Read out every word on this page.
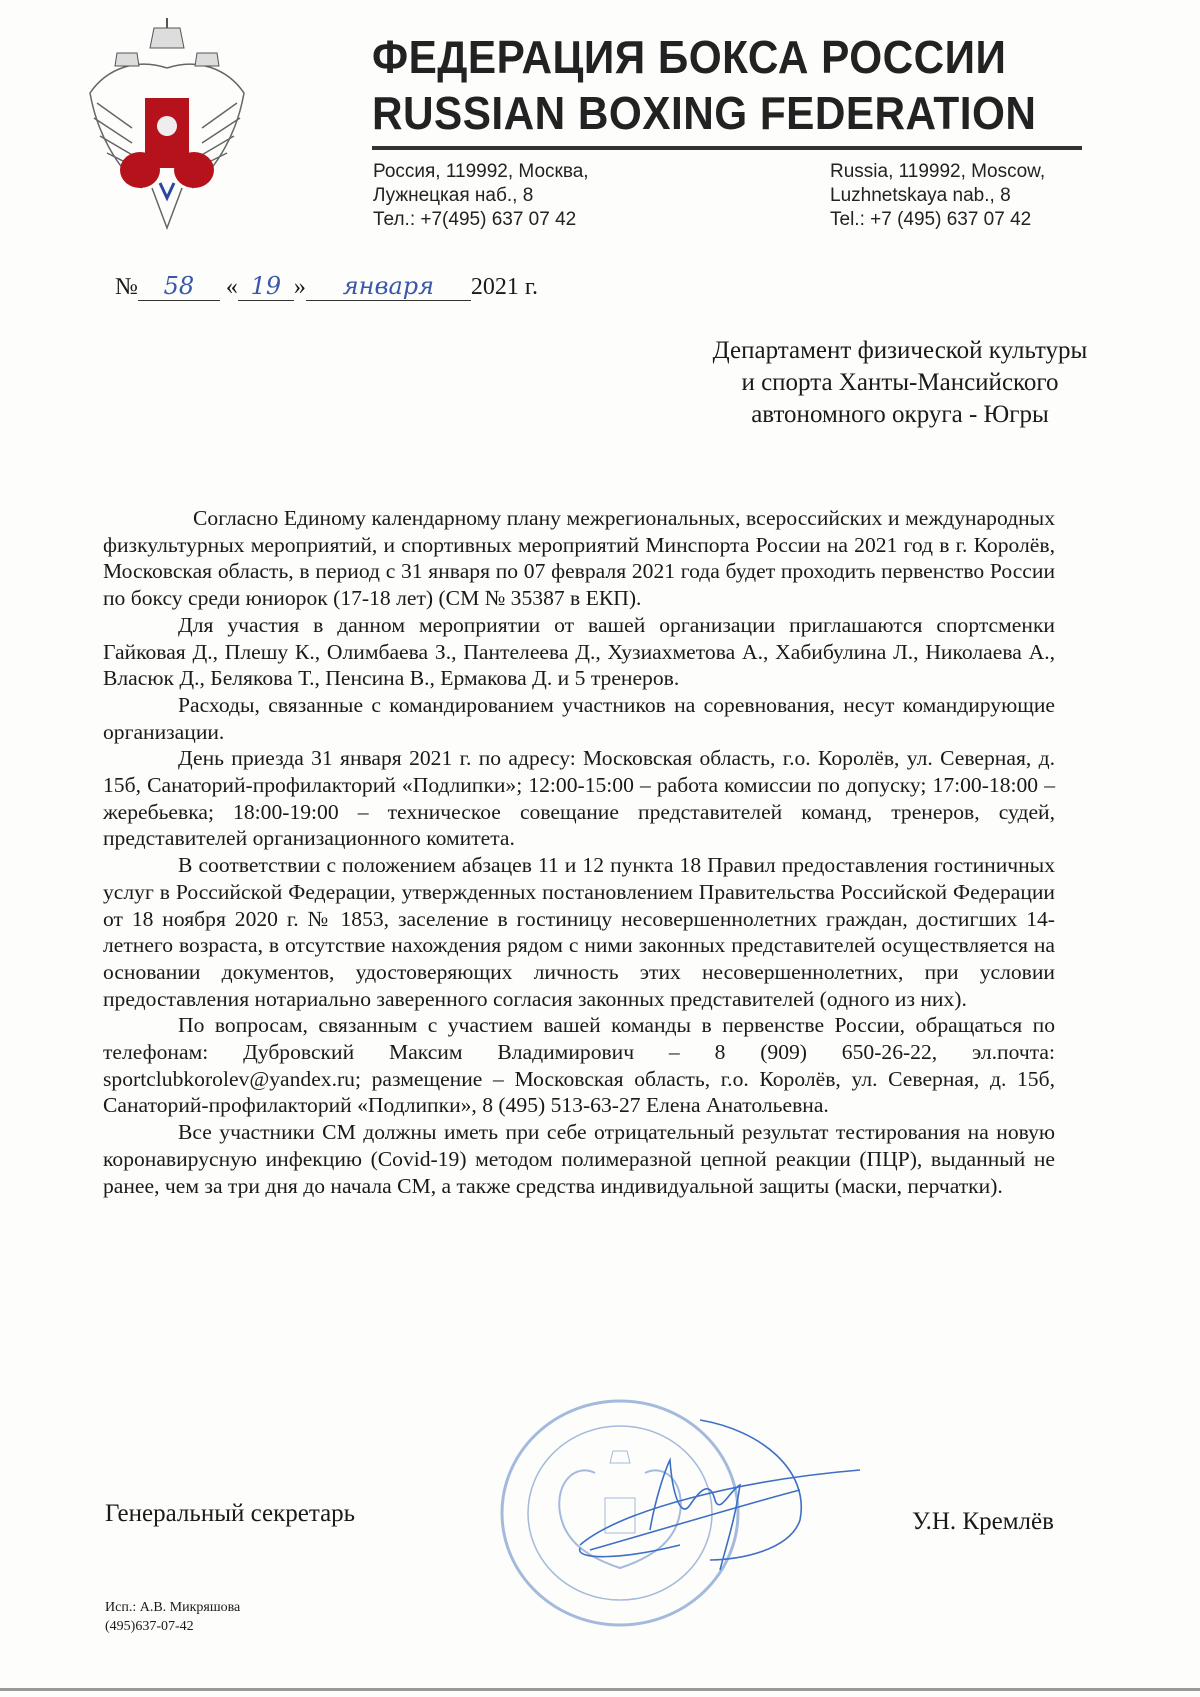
ФЕДЕРАЦИЯ БОКСА РОССИИ
RUSSIAN BOXING FEDERATION
Россия, 119992, Москва,
Лужнецкая наб., 8
Тел.: +7(495) 637 07 42
Russia, 119992, Moscow,
Luzhnetskaya nab., 8
Tel.: +7 (495) 637 07 42
№ 58 « 19 » января 2021 г.
Департамент физической культуры
и спорта Ханты-Мансийского
автономного округа - Югры

Согласно Единому календарному плану межрегиональных, всероссийских и международных физкультурных мероприятий, и спортивных мероприятий Минспорта России на 2021 год в г. Королёв, Московская область, в период с 31 января по 07 февраля 2021 года будет проходить первенство России по боксу среди юниорок (17-18 лет) (СМ № 35387 в ЕКП).

Для участия в данном мероприятии от вашей организации приглашаются спортсменки Гайковая Д., Плешу К., Олимбаева З., Пантелеева Д., Хузиахметова А., Хабибулина Л., Николаева А., Власюк Д., Белякова Т., Пенсина В., Ермакова Д. и 5 тренеров.

Расходы, связанные с командированием участников на соревнования, несут командирующие организации.

День приезда 31 января 2021 г. по адресу: Московская область, г.о. Королёв, ул. Северная, д. 15б, Санаторий-профилакторий «Подлипки»; 12:00-15:00 – работа комиссии по допуску; 17:00-18:00 – жеребьевка; 18:00-19:00 – техническое совещание представителей команд, тренеров, судей, представителей организационного комитета.

В соответствии с положением абзацев 11 и 12 пункта 18 Правил предоставления гостиничных услуг в Российской Федерации, утвержденных постановлением Правительства Российской Федерации от 18 ноября 2020 г. № 1853, заселение в гостиницу несовершеннолетних граждан, достигших 14-летнего возраста, в отсутствие нахождения рядом с ними законных представителей осуществляется на основании документов, удостоверяющих личность этих несовершеннолетних, при условии предоставления нотариально заверенного согласия законных представителей (одного из них).

По вопросам, связанным с участием вашей команды в первенстве России, обращаться по телефонам: Дубровский Максим Владимирович – 8 (909) 650-26-22, эл.почта: sportclubkorolev@yandex.ru; размещение – Московская область, г.о. Королёв, ул. Северная, д. 15б, Санаторий-профилакторий «Подлипки», 8 (495) 513-63-27 Елена Анатольевна.

Все участники СМ должны иметь при себе отрицательный результат тестирования на новую коронавирусную инфекцию (Covid-19) методом полимеразной цепной реакции (ПЦР), выданный не ранее, чем за три дня до начала СМ, а также средства индивидуальной защиты (маски, перчатки).

Генеральный секретарь	У.Н. Кремлёв
Исп.: А.В. Микряшова
(495)637-07-42
